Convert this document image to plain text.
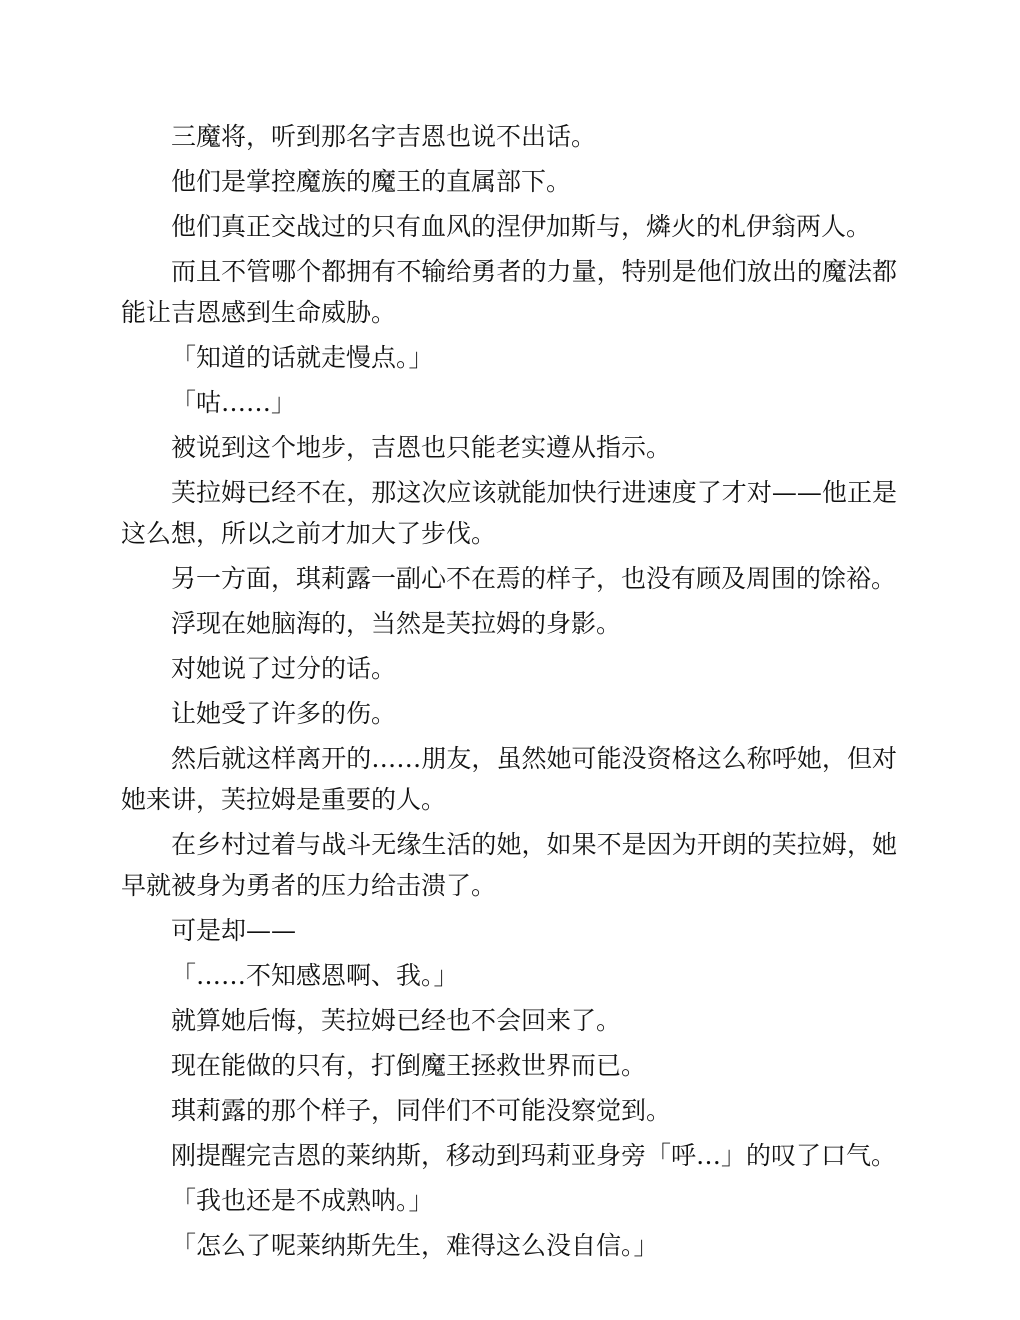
三魔将，听到那名字吉恩也说不出话。

他们是掌控魔族的魔王的直属部下。

他们真正交战过的只有血风的涅伊加斯与，燐火的札伊翁两人。

而且不管哪个都拥有不输给勇者的力量，特别是他们放出的魔法都能让吉恩感到生命威胁。

「知道的话就走慢点。」

「咕……」

被说到这个地步，吉恩也只能老实遵从指示。

芙拉姆已经不在，那这次应该就能加快行进速度了才对——他正是这么想，所以之前才加大了步伐。

另一方面，琪莉露一副心不在焉的样子，也没有顾及周围的馀裕。

浮现在她脑海的，当然是芙拉姆的身影。

对她说了过分的话。

让她受了许多的伤。

然后就这样离开的……朋友，虽然她可能没资格这么称呼她，但对她来讲，芙拉姆是重要的人。

在乡村过着与战斗无缘生活的她，如果不是因为开朗的芙拉姆，她早就被身为勇者的压力给击溃了。

可是却——

「……不知感恩啊、我。」

就算她后悔，芙拉姆已经也不会回来了。

现在能做的只有，打倒魔王拯救世界而已。

琪莉露的那个样子，同伴们不可能没察觉到。

刚提醒完吉恩的莱纳斯，移动到玛莉亚身旁「呼…」的叹了口气。

「我也还是不成熟呐。」

「怎么了呢莱纳斯先生，难得这么没自信。」
